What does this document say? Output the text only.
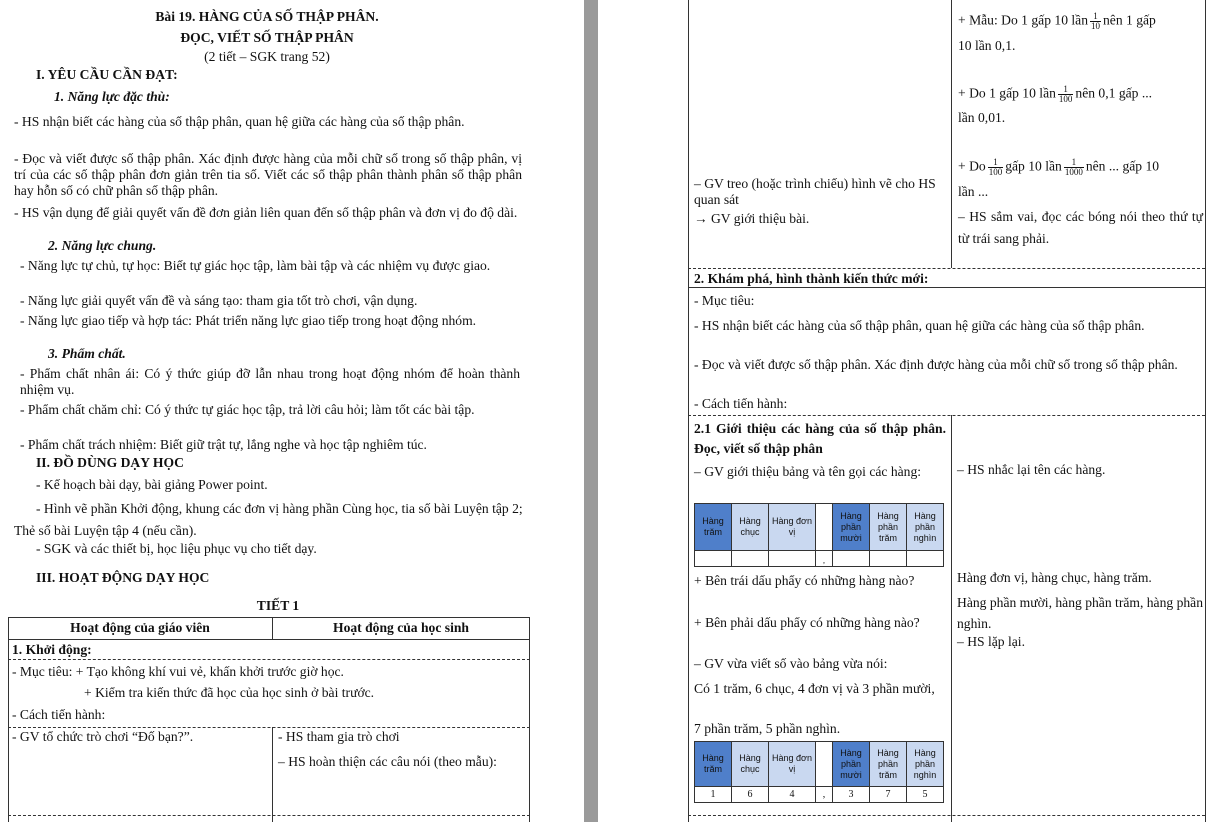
Bài 19. HÀNG CỦA SỐ THẬP PHÂN.
ĐỌC, VIẾT SỐ THẬP PHÂN
(2 tiết – SGK trang 52)
I. YÊU CẦU CẦN ĐẠT:
1. Năng lực đặc thù:
- HS nhận biết các hàng của số thập phân, quan hệ giữa các hàng của số thập phân.
- Đọc và viết được số thập phân. Xác định được hàng của mỗi chữ số trong số thập phân, vị trí của các số thập phân đơn giản trên tia số. Viết các số thập phân thành phân số thập phân hay hỗn số có chữ phân số thập phân.
- HS vận dụng để giải quyết vấn đề đơn giản liên quan đến số thập phân và đơn vị đo độ dài.
2. Năng lực chung.
- Năng lực tự chủ, tự học: Biết tự giác học tập, làm bài tập và các nhiệm vụ được giao.
- Năng lực giải quyết vấn đề và sáng tạo: tham gia tốt trò chơi, vận dụng.
- Năng lực giao tiếp và hợp tác: Phát triển năng lực giao tiếp trong hoạt động nhóm.
3. Phẩm chất.
- Phẩm chất nhân ái: Có ý thức giúp đỡ lẫn nhau trong hoạt động nhóm để hoàn thành nhiệm vụ.
- Phẩm chất chăm chỉ: Có ý thức tự giác học tập, trả lời câu hỏi; làm tốt các bài tập.
- Phẩm chất trách nhiệm: Biết giữ trật tự, lắng nghe và học tập nghiêm túc.
II. ĐỒ DÙNG DẠY HỌC
- Kế hoạch bài dạy, bài giảng Power point.
- Hình vẽ phần Khởi động, khung các đơn vị hàng phần Cùng học, tia số bài Luyện tập 2; Thẻ số bài Luyện tập 4 (nếu cần).
- SGK và các thiết bị, học liệu phục vụ cho tiết dạy.
III. HOẠT ĐỘNG DẠY HỌC
TIẾT 1
Hoạt động của giáo viên	Hoạt động của học sinh
1. Khởi động:
- Mục tiêu: + Tạo không khí vui vẻ, khấn khởi trước giờ học.
+ Kiểm tra kiến thức đã học của học sinh ở bài trước.
- Cách tiến hành:
- GV tổ chức trò chơi “Đố bạn?”.	- HS tham gia trò chơi
– HS hoàn thiện các câu nói (theo mẫu):
+ Mẫu: Do 1 gấp 10 lần $\frac{1}{10}$ nên 1 gấp
10 lần 0,1.
+ Do 1 gấp 10 lần $\frac{1}{100}$ nên 0,1 gấp ...
lần 0,01.
+ Do $\frac{1}{100}$ gấp 10 lần $\frac{1}{1000}$ nên ... gấp 10
lần ...
– HS sắm vai, đọc các bóng nói theo thứ tự từ trái sang phải.
– GV treo (hoặc trình chiếu) hình vẽ cho HS quan sát
→ GV giới thiệu bài.
2. Khám phá, hình thành kiến thức mới:
- Mục tiêu:
- HS nhận biết các hàng của số thập phân, quan hệ giữa các hàng của số thập phân.
- Đọc và viết được số thập phân. Xác định được hàng của mỗi chữ số trong số thập phân.
- Cách tiến hành:
2.1 Giới thiệu các hàng của số thập phân. Đọc, viết số thập phân
– GV giới thiệu bảng và tên gọi các hàng:	– HS nhắc lại tên các hàng.
Hàng trăm	Hàng chục	Hàng đơn vị		Hàng phần mười	Hàng phần trăm	Hàng phần nghìn
			,			
+ Bên trái dấu phẩy có những hàng nào?	Hàng đơn vị, hàng chục, hàng trăm.
+ Bên phải dấu phẩy có những hàng nào?
Hàng phần mười, hàng phần trăm, hàng phần nghìn.
– HS lặp lại.
– GV vừa viết số vào bảng vừa nói:
Có 1 trăm, 6 chục, 4 đơn vị và 3 phần mười,
7 phần trăm, 5 phần nghìn.
Hàng trăm	Hàng chục	Hàng đơn vị		Hàng phần mười	Hàng phần trăm	Hàng phần nghìn
1	6	4	,	3	7	5
